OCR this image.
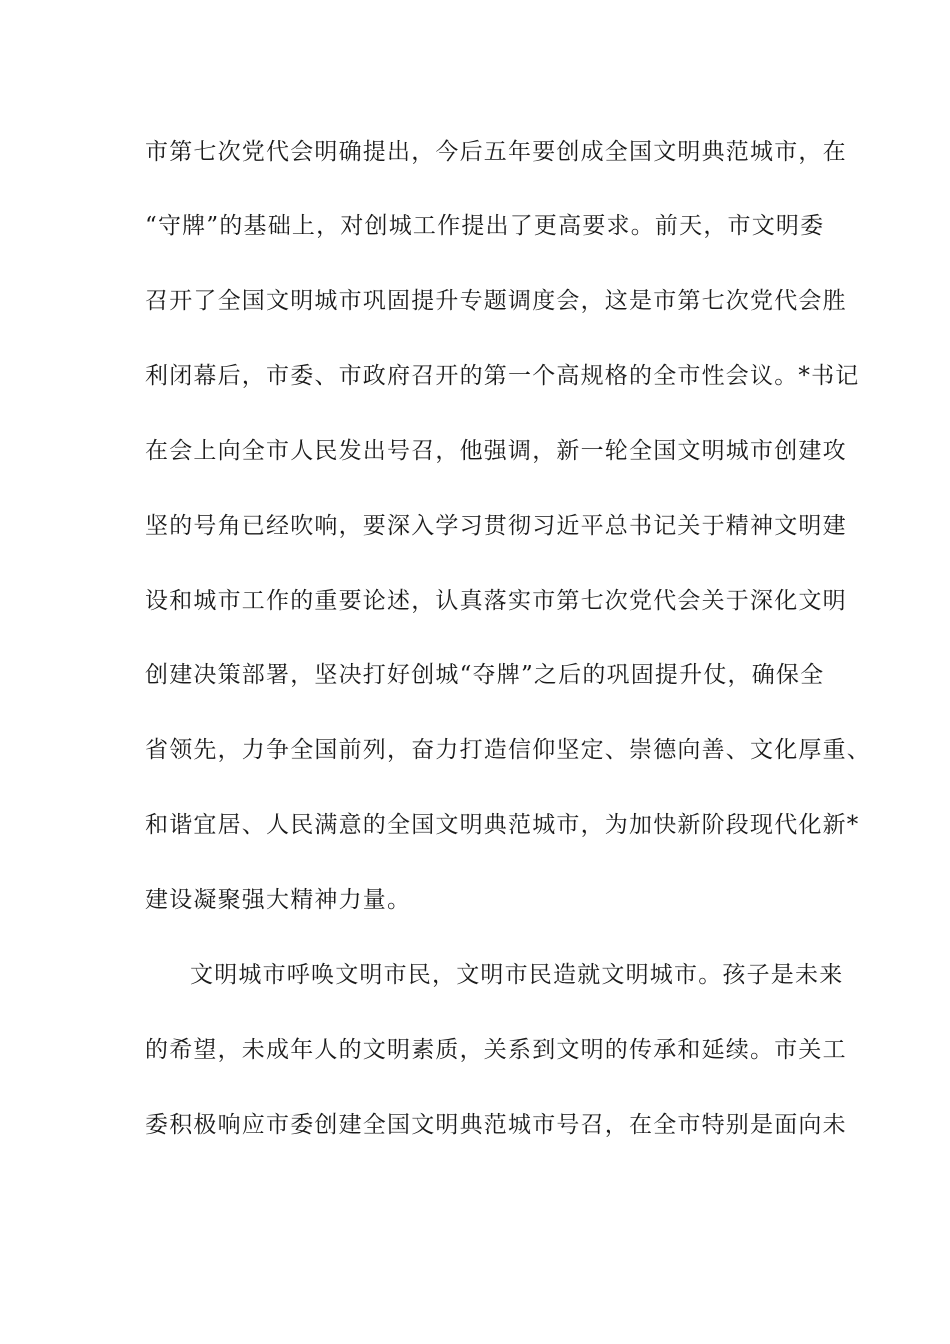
市第七次党代会明确提出，今后五年要创成全国文明典范城市，在
“守牌”的基础上，对创城工作提出了更高要求。前天，市文明委
召开了全国文明城市巩固提升专题调度会，这是市第七次党代会胜
利闭幕后，市委、市政府召开的第一个高规格的全市性会议。*书记
在会上向全市人民发出号召，他强调，新一轮全国文明城市创建攻
坚的号角已经吹响，要深入学习贯彻习近平总书记关于精神文明建
设和城市工作的重要论述，认真落实市第七次党代会关于深化文明
创建决策部署，坚决打好创城“夺牌”之后的巩固提升仗，确保全
省领先，力争全国前列，奋力打造信仰坚定、崇德向善、文化厚重、
和谐宜居、人民满意的全国文明典范城市，为加快新阶段现代化新*
建设凝聚强大精神力量。
文明城市呼唤文明市民，文明市民造就文明城市。孩子是未来
的希望，未成年人的文明素质，关系到文明的传承和延续。市关工
委积极响应市委创建全国文明典范城市号召，在全市特别是面向未
